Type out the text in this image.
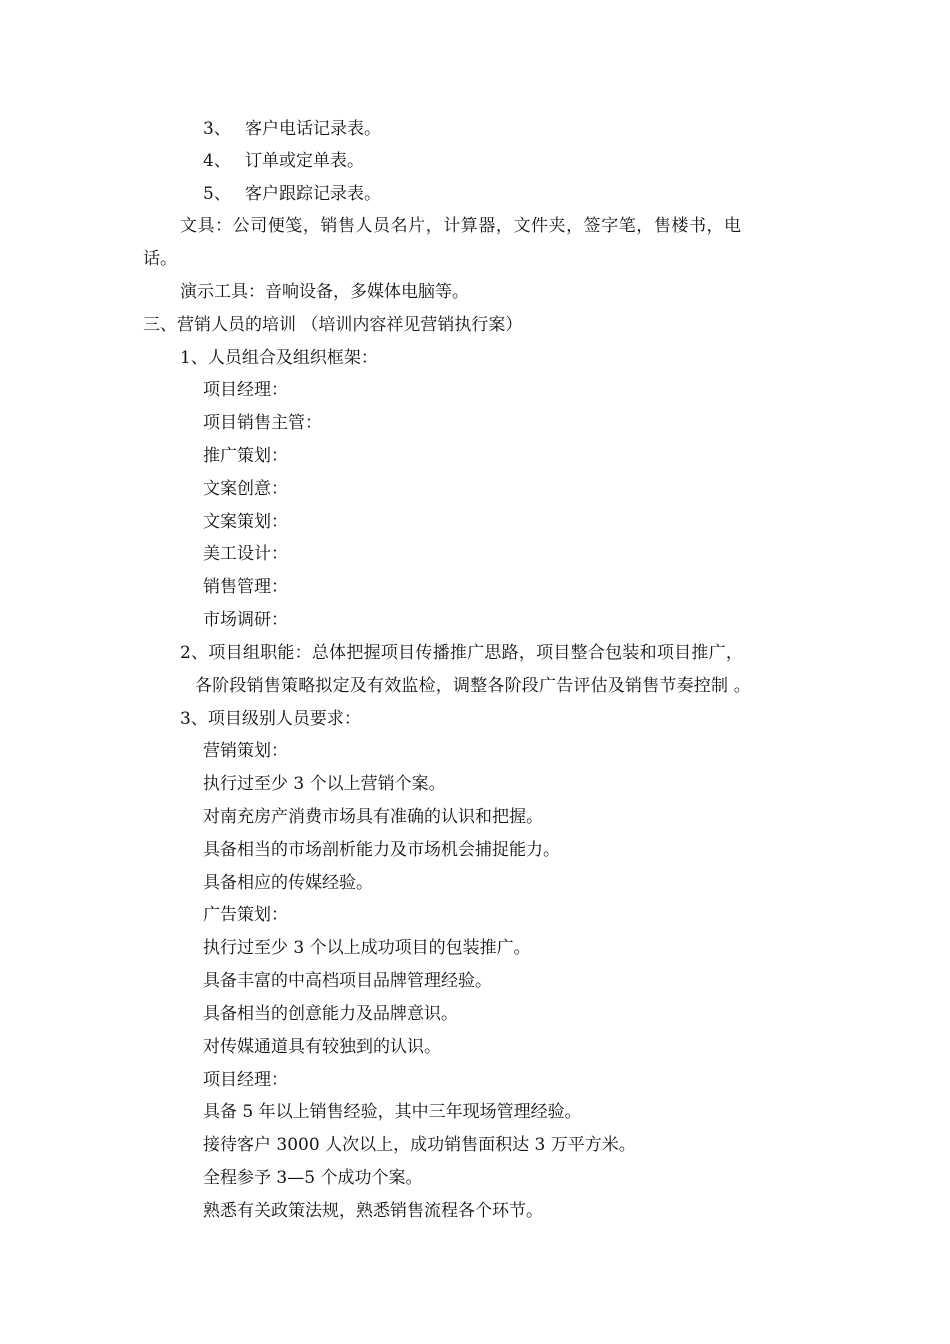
3、 客户电话记录表。
4、 订单或定单表。
5、 客户跟踪记录表。
文具：公司便笺，销售人员名片，计算器，文件夹，签字笔，售楼书，电
话。
演示工具：音响设备，多媒体电脑等。
三、营销人员的培训 （培训内容祥见营销执行案）
1、人员组合及组织框架：
项目经理：
项目销售主管：
推广策划：
文案创意：
文案策划：
美工设计：
销售管理：
市场调研：
2、项目组职能：总体把握项目传播推广思路，项目整合包装和项目推广，
各阶段销售策略拟定及有效监检，调整各阶段广告评估及销售节奏控制 。
3、项目级别人员要求：
营销策划：
执行过至少 3 个以上营销个案。
对南充房产消费市场具有准确的认识和把握。
具备相当的市场剖析能力及市场机会捕捉能力。
具备相应的传媒经验。
广告策划：
执行过至少 3 个以上成功项目的包装推广。
具备丰富的中高档项目品牌管理经验。
具备相当的创意能力及品牌意识。
对传媒通道具有较独到的认识。
项目经理：
具备 5 年以上销售经验，其中三年现场管理经验。
接待客户 3000 人次以上，成功销售面积达 3 万平方米。
全程参予 3—5 个成功个案。
熟悉有关政策法规，熟悉销售流程各个环节。
